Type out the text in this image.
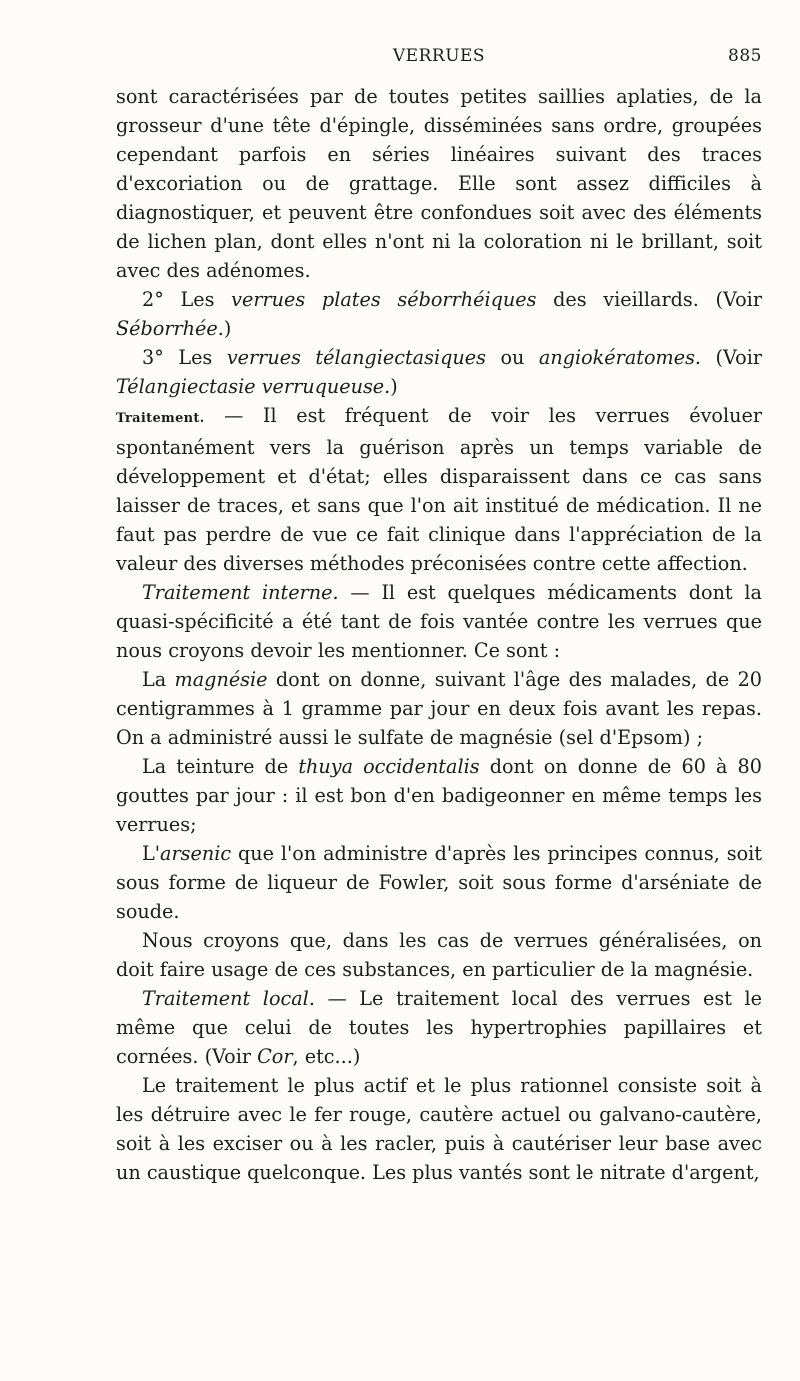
VERRUES	885

sont caractérisées par de toutes petites saillies aplaties, de la grosseur d'une tête d'épingle, disséminées sans ordre, groupées cependant parfois en séries linéaires suivant des traces d'excoriation ou de grattage. Elle sont assez difficiles à diagnostiquer, et peuvent être confondues soit avec des éléments de lichen plan, dont elles n'ont ni la coloration ni le brillant, soit avec des adénomes.

2° Les verrues plates séborrhéiques des vieillards. (Voir Séborrhée.)

3° Les verrues télangiectasiques ou angiokératomes. (Voir Télangiectasie verruqueuse.)

Traitement. — Il est fréquent de voir les verrues évoluer spontanément vers la guérison après un temps variable de développement et d'état; elles disparaissent dans ce cas sans laisser de traces, et sans que l'on ait institué de médication. Il ne faut pas perdre de vue ce fait clinique dans l'appréciation de la valeur des diverses méthodes préconisées contre cette affection.

Traitement interne. — Il est quelques médicaments dont la quasi-spécificité a été tant de fois vantée contre les verrues que nous croyons devoir les mentionner. Ce sont :

La magnésie dont on donne, suivant l'âge des malades, de 20 centigrammes à 1 gramme par jour en deux fois avant les repas. On a administré aussi le sulfate de magnésie (sel d'Epsom) ;

La teinture de thuya occidentalis dont on donne de 60 à 80 gouttes par jour : il est bon d'en badigeonner en même temps les verrues;

L'arsenic que l'on administre d'après les principes connus, soit sous forme de liqueur de Fowler, soit sous forme d'arséniate de soude.

Nous croyons que, dans les cas de verrues généralisées, on doit faire usage de ces substances, en particulier de la magnésie.

Traitement local. — Le traitement local des verrues est le même que celui de toutes les hypertrophies papillaires et cornées. (Voir Cor, etc...)

Le traitement le plus actif et le plus rationnel consiste soit à les détruire avec le fer rouge, cautère actuel ou galvano-cautère, soit à les exciser ou à les racler, puis à cautériser leur base avec un caustique quelconque. Les plus vantés sont le nitrate d'argent,
